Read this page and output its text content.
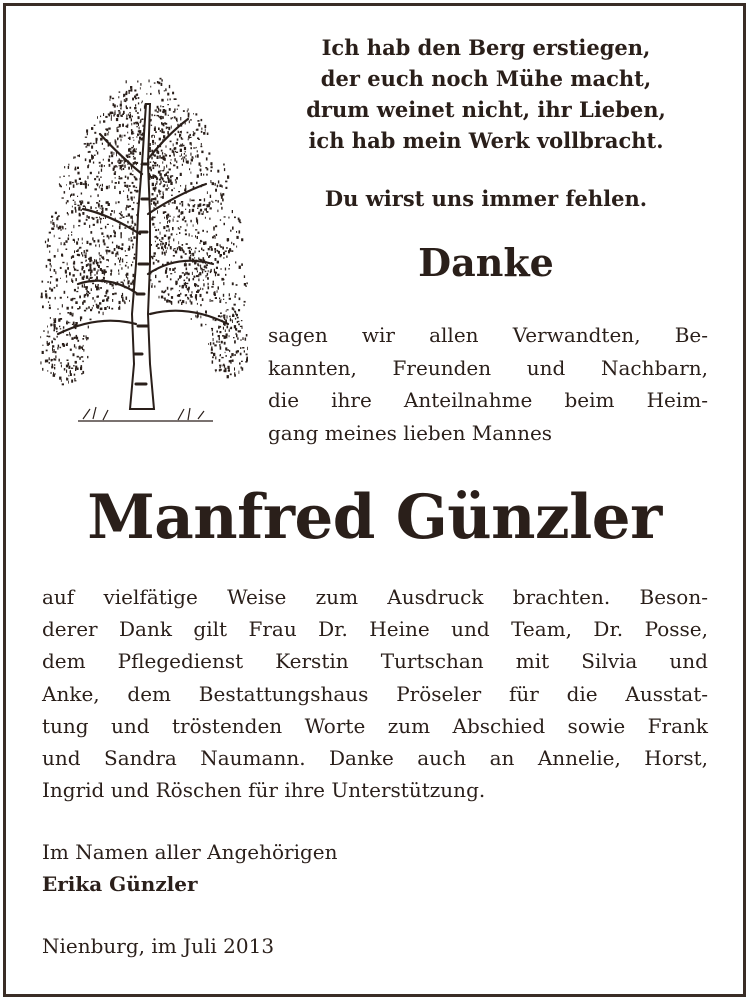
Ich hab den Berg erstiegen,
der euch noch Mühe macht,
drum weinet nicht, ihr Lieben,
ich hab mein Werk vollbracht.
Du wirst uns immer fehlen.
Danke
sagen wir allen Verwandten, Be-
kannten, Freunden und Nachbarn,
die ihre Anteilnahme beim Heim-
gang meines lieben Mannes
Manfred Günzler
auf vielfätige Weise zum Ausdruck brachten. Beson-
derer Dank gilt Frau Dr. Heine und Team, Dr. Posse,
dem Pflegedienst Kerstin Turtschan mit Silvia und
Anke, dem Bestattungshaus Pröseler für die Ausstat-
tung und tröstenden Worte zum Abschied sowie Frank
und Sandra Naumann. Danke auch an Annelie, Horst,
Ingrid und Röschen für ihre Unterstützung.
Im Namen aller Angehörigen
Erika Günzler
Nienburg, im Juli 2013
